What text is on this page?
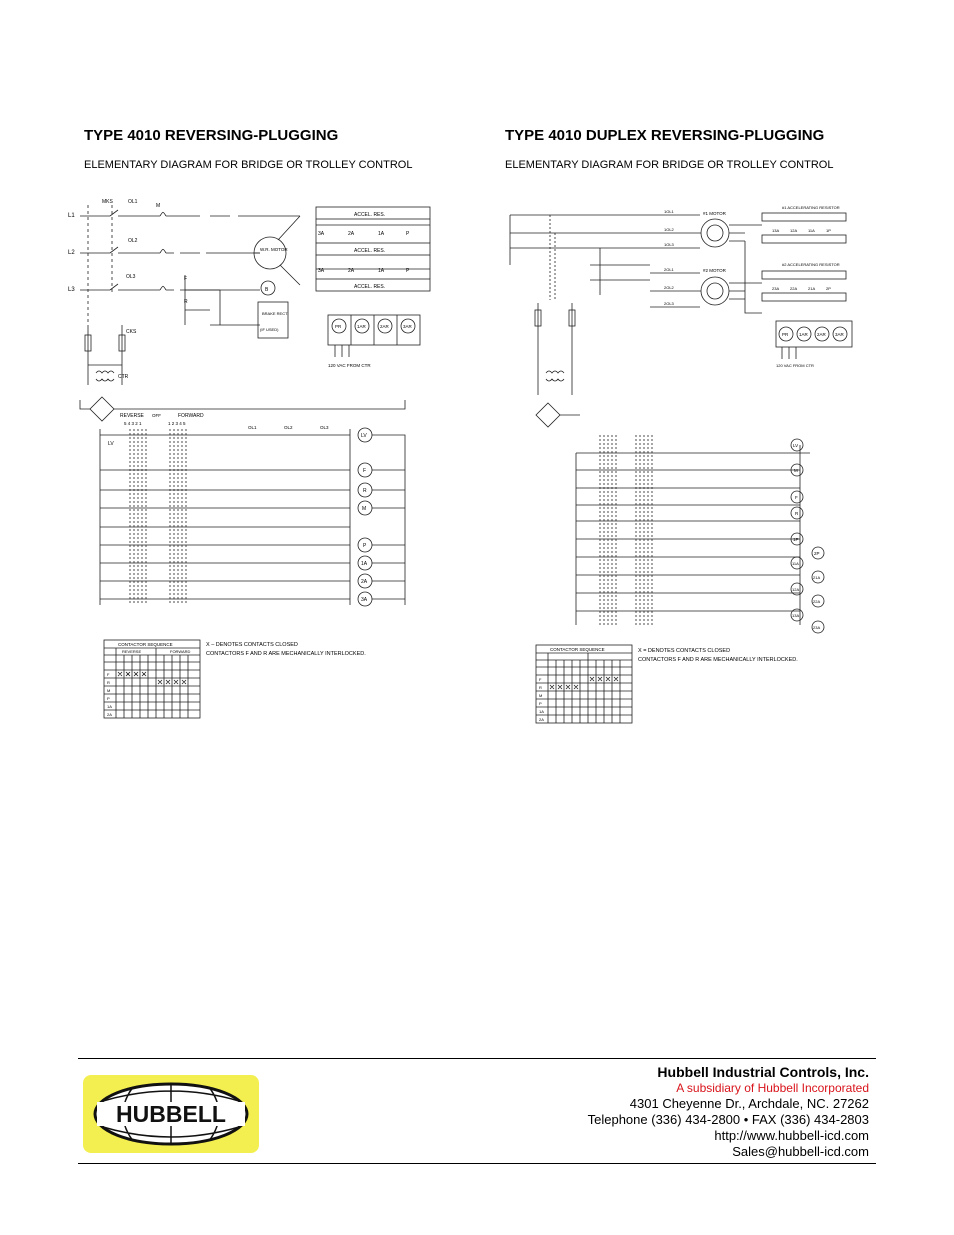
TYPE 4010 REVERSING-PLUGGING
ELEMENTARY DIAGRAM FOR BRIDGE OR TROLLEY CONTROL
TYPE 4010 DUPLEX REVERSING-PLUGGING
ELEMENTARY DIAGRAM FOR BRIDGE OR TROLLEY CONTROL
L1
L2
L3
MKS	OL1
OL2
OL3
W.R. MOTOR
F
R
M
B
BRAKE RECT.
(IF USED)
ACCEL. RES.
ACCEL. RES.
ACCEL. RES.
3A	2A	1A	P
3A	2A	1A	P
PR	1AR	2AR	3AR
120 VAC FROM CTR
CKS
CTR
REVERSE OFF	FORWARD
5 4 3 2 1	1 2 3 4 5
LV
OL1	OL2	OL3
LV
F
R
M
P
1A
2A
3A
CONTACTOR SEQUENCE
REVERSE	FORWARD
F
R
M
P
1A
2A
X – DENOTES CONTACTS CLOSED
CONTACTORS F AND R ARE MECHANICALLY INTERLOCKED.
#1 MOTOR
#2 MOTOR
1OL1
1OL2
1OL3
2OL1
2OL2
2OL3
#1 ACCELERATING RESISTOR
13A	12A	11A	1P
#2 ACCELERATING RESISTOR
23A	22A	21A	2P
PR 1AR 2AR 3AR
120 VAC FROM CTR
LV
M
F
R
1P
2P
11A
21A
12A
22A
13A
23A
CONTACTOR SEQUENCE
F
R
M
P
1A
2A
X = DENOTES CONTACTS CLOSED
CONTACTORS F AND R ARE MECHANICALLY INTERLOCKED.
HUBBELL
Hubbell Industrial Controls, Inc.
A subsidiary of Hubbell Incorporated
4301 Cheyenne Dr., Archdale, NC. 27262
Telephone (336) 434-2800 • FAX (336) 434-2803
http://www.hubbell-icd.com
Sales@hubbell-icd.com
